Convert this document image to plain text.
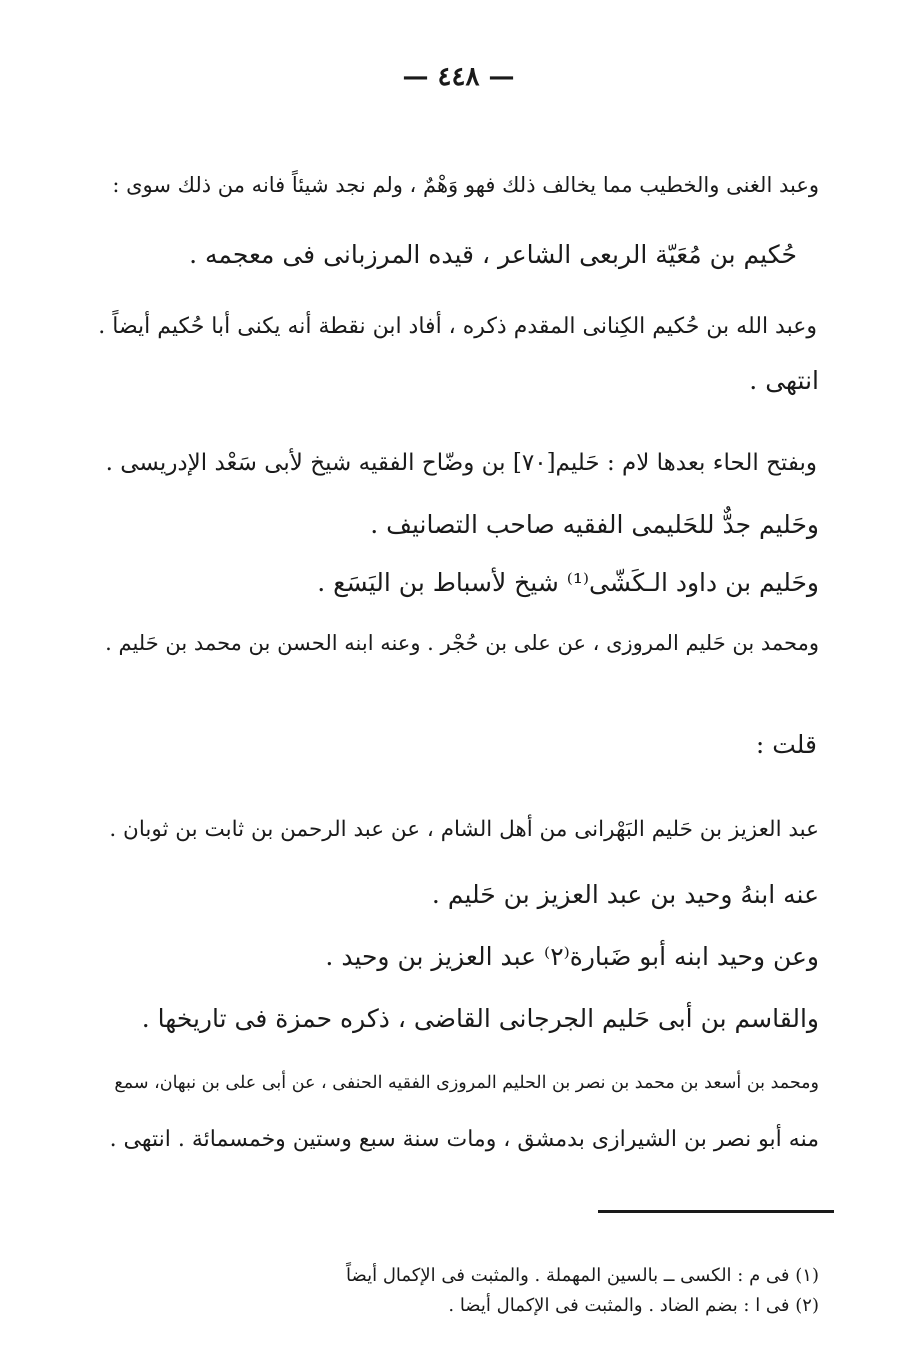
— ٤٤٨ —
وعبد الغنى والخطيب مما يخالف ذلك فهو وَهْمٌ ، ولم نجد شيئاً فانه من ذلك سوى :
حُكيم بن مُعَيّة الربعى الشاعر ، قيده المرزبانى فى معجمه .
وعبد الله بن حُكيم الكِنانى المقدم ذكره ، أفاد ابن نقطة أنه يكنى أبا حُكيم أيضاً .
انتهى .
وبفتح الحاء بعدها لام : حَليم[٧٠] بن وضّاح الفقيه شيخ لأبى سَعْد الإدريسى .
وحَليم جدٌّ للحَليمى الفقيه صاحب التصانيف .
وحَليم بن داود الـكَشّى⁽¹⁾ شيخ لأسباط بن اليَسَع .
ومحمد بن حَليم المروزى ، عن على بن حُجْر . وعنه ابنه الحسن بن محمد بن حَليم .
قلت :
عبد العزيز بن حَليم البَهْرانى من أهل الشام ، عن عبد الرحمن بن ثابت بن ثوبان .
عنه ابنهُ وحيد بن عبد العزيز بن حَليم .
وعن وحيد ابنه أبو ضَبارة⁽٢⁾ عبد العزيز بن وحيد .
والقاسم بن أبى حَليم الجرجانى القاضى ، ذكره حمزة فى تاريخها .
ومحمد بن أسعد بن محمد بن نصر بن الحليم المروزى الفقيه الحنفى ، عن أبى على بن نبهان، سمع
منه أبو نصر بن الشيرازى بدمشق ، ومات سنة سبع وستين وخمسمائة . انتهى .
(١) فى م : الكسى ــ بالسين المهملة . والمثبت فى الإكمال أيضاً
(٢) فى ا : بضم الضاد . والمثبت فى الإكمال أيضا .
